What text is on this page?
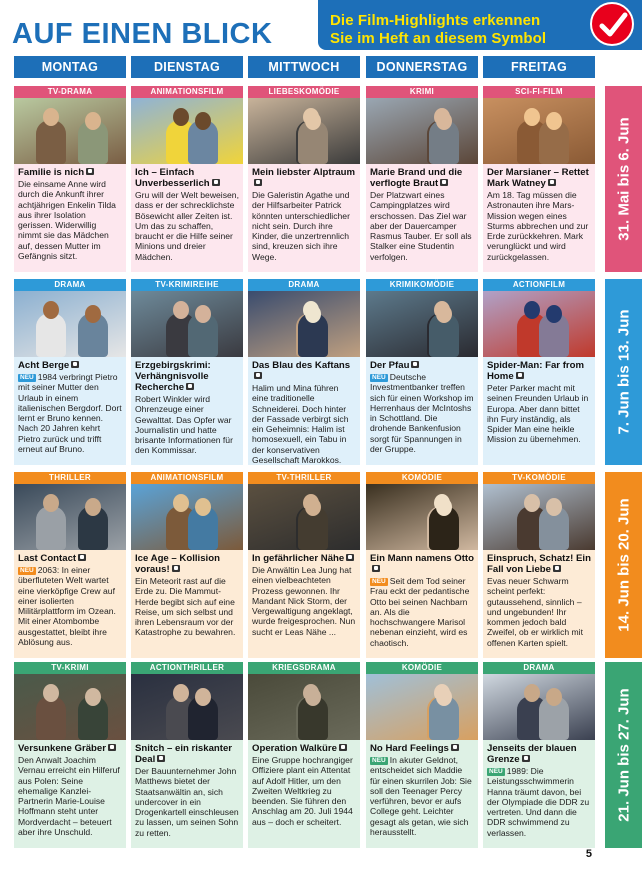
AUF EINEN BLICK	Die Film-Highlights erkennen
Sie im Heft an diesem Symbol
MONTAG	DIENSTAG	MITTWOCH	DONNERSTAG	FREITAG
31. Mai bis 6. Jun
TV-DRAMA
Familie is nich
Die einsame Anne wird durch die Ankunft ihrer achtjährigen Enkelin Tilda aus ihrer Isolation gerissen. Widerwillig nimmt sie das Mädchen auf, dessen Mutter im Gefängnis sitzt.
ANIMATIONSFILM
Ich – Einfach Unverbesserlich
Gru will der Welt beweisen, dass er der schrecklichste Bösewicht aller Zeiten ist. Um das zu schaffen, braucht er die Hilfe seiner Minions und dreier Mädchen.
LIEBESKOMÖDIE
Mein liebster Alptraum
Die Galeristin Agathe und der Hilfsarbeiter Patrick könnten unterschiedlicher nicht sein. Durch ihre Kinder, die unzertrennlich sind, kreuzen sich ihre Wege.
KRIMI
Marie Brand und die verflogte Braut
Der Platzwart eines Campingplatzes wird erschossen. Das Ziel war aber der Dauercamper Rasmus Tauber. Er soll als Stalker eine Studentin verfolgen.
SCI-FI-FILM
Der Marsianer – Rettet Mark Watney
Am 18. Tag müssen die Astronauten ihre Mars-Mission wegen eines Sturms abbrechen und zur Erde zurückkehren. Mark verunglückt und wird zurückgelassen.
7. Jun bis 13. Jun
DRAMA
Acht Berge
NEU 1984 verbringt Pietro mit seiner Mutter den Urlaub in einem italienischen Bergdorf. Dort lernt er Bruno kennen. Nach 20 Jahren kehrt Pietro zurück und trifft erneut auf Bruno.
TV-KRIMIREIHE
Erzgebirgskrimi: Verhängnisvolle Recherche
Robert Winkler wird Ohrenzeuge einer Gewalttat. Das Opfer war Journalistin und hatte brisante Informationen für den Kommissar.
DRAMA
Das Blau des Kaftans
Halim und Mina führen eine traditionelle Schneiderei. Doch hinter der Fassade verbirgt sich ein Geheimnis: Halim ist homosexuell, ein Tabu in der konservativen Gesellschaft Marokkos.
KRIMIKOMÖDIE
Der Pfau
NEU Deutsche Investmentbanker treffen sich für einen Workshop im Herrenhaus der McIntoshs in Schottland. Die drohende Bankenfusion sorgt für Spannungen in der Gruppe.
ACTIONFILM
Spider-Man: Far from Home
Peter Parker macht mit seinen Freunden Urlaub in Europa. Aber dann bittet ihn Fury inständig, als Spider Man eine heikle Mission zu übernehmen.
14. Jun bis 20. Jun
THRILLER
Last Contact
NEU 2063: In einer überfluteten Welt wartet eine vierköpfige Crew auf einer isolierten Militärplattform im Ozean. Mit einer Atombombe ausgestattet, bleibt ihre Ablösung aus.
ANIMATIONSFILM
Ice Age – Kollision voraus!
Ein Meteorit rast auf die Erde zu. Die Mammut-Herde begibt sich auf eine Reise, um sich selbst und ihren Lebensraum vor der Katastrophe zu bewahren.
TV-THRILLER
In gefährlicher Nähe
Die Anwältin Lea Jung hat einen vielbeachteten Prozess gewonnen. Ihr Mandant Nick Storm, der Vergewaltigung angeklagt, wurde freigesprochen. Nun sucht er Leas Nähe ...
KOMÖDIE
Ein Mann namens Otto
NEU Seit dem Tod seiner Frau eckt der pedantische Otto bei seinen Nachbarn an. Als die hochschwangere Marisol nebenan einzieht, wird es chaotisch.
TV-KOMÖDIE
Einspruch, Schatz! Ein Fall von Liebe
Evas neuer Schwarm scheint perfekt: gutaussehend, sinnlich – und ungebunden! Ihr kommen jedoch bald Zweifel, ob er wirklich mit offenen Karten spielt.
21. Jun bis 27. Jun
TV-KRIMI
Versunkene Gräber
Den Anwalt Joachim Vernau erreicht ein Hilferuf aus Polen: Seine ehemalige Kanzlei-Partnerin Marie-Louise Hoffmann steht unter Mordverdacht – beteuert aber ihre Unschuld.
ACTIONTHRILLER
Snitch – ein riskanter Deal
Der Bauunternehmer John Matthews bietet der Staatsanwältin an, sich undercover in ein Drogenkartell einschleusen zu lassen, um seinen Sohn zu retten.
KRIEGSDRAMA
Operation Walküre
Eine Gruppe hochrangiger Offiziere plant ein Attentat auf Adolf Hitler, um den Zweiten Weltkrieg zu beenden. Sie führen den Anschlag am 20. Juli 1944 aus – doch er scheitert.
KOMÖDIE
No Hard Feelings
NEU In akuter Geldnot, entscheidet sich Maddie für einen skurrilen Job: Sie soll den Teenager Percy verführen, bevor er aufs College geht. Leichter gesagt als getan, wie sich herausstellt.
DRAMA
Jenseits der blauen Grenze
NEU 1989: Die Leistungsschwimmerin Hanna träumt davon, bei der Olympiade die DDR zu vertreten. Und dann die DDR schwimmend zu verlassen.
5
